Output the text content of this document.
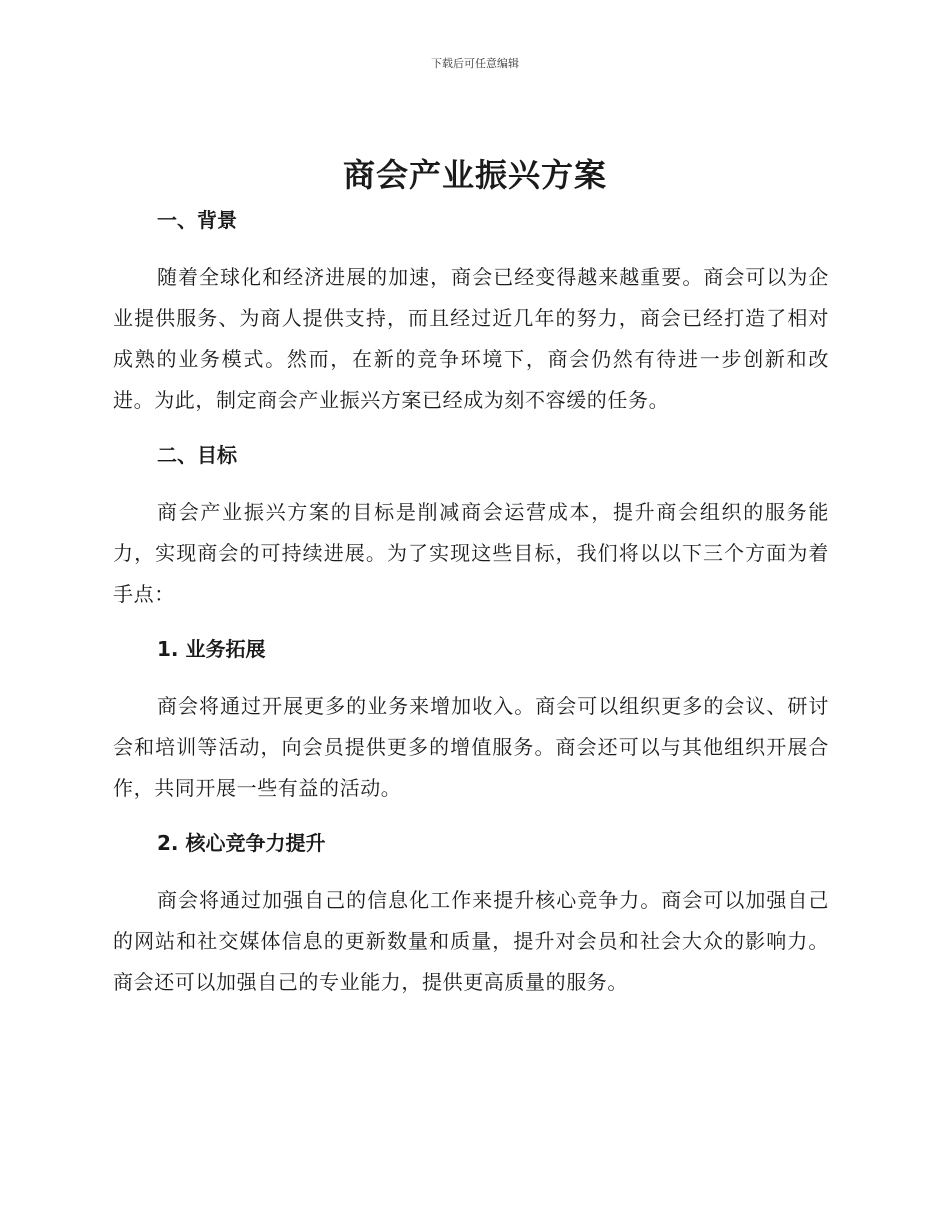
下载后可任意编辑
商会产业振兴方案
一、背景

随着全球化和经济进展的加速，商会已经变得越来越重要。商会可以为企业提供服务、为商人提供支持，而且经过近几年的努力，商会已经打造了相对成熟的业务模式。然而，在新的竞争环境下，商会仍然有待进一步创新和改进。为此，制定商会产业振兴方案已经成为刻不容缓的任务。

二、目标

商会产业振兴方案的目标是削减商会运营成本，提升商会组织的服务能力，实现商会的可持续进展。为了实现这些目标，我们将以以下三个方面为着手点：

1. 业务拓展

商会将通过开展更多的业务来增加收入。商会可以组织更多的会议、研讨会和培训等活动，向会员提供更多的增值服务。商会还可以与其他组织开展合作，共同开展一些有益的活动。

2. 核心竞争力提升

商会将通过加强自己的信息化工作来提升核心竞争力。商会可以加强自己的网站和社交媒体信息的更新数量和质量，提升对会员和社会大众的影响力。商会还可以加强自己的专业能力，提供更高质量的服务。
